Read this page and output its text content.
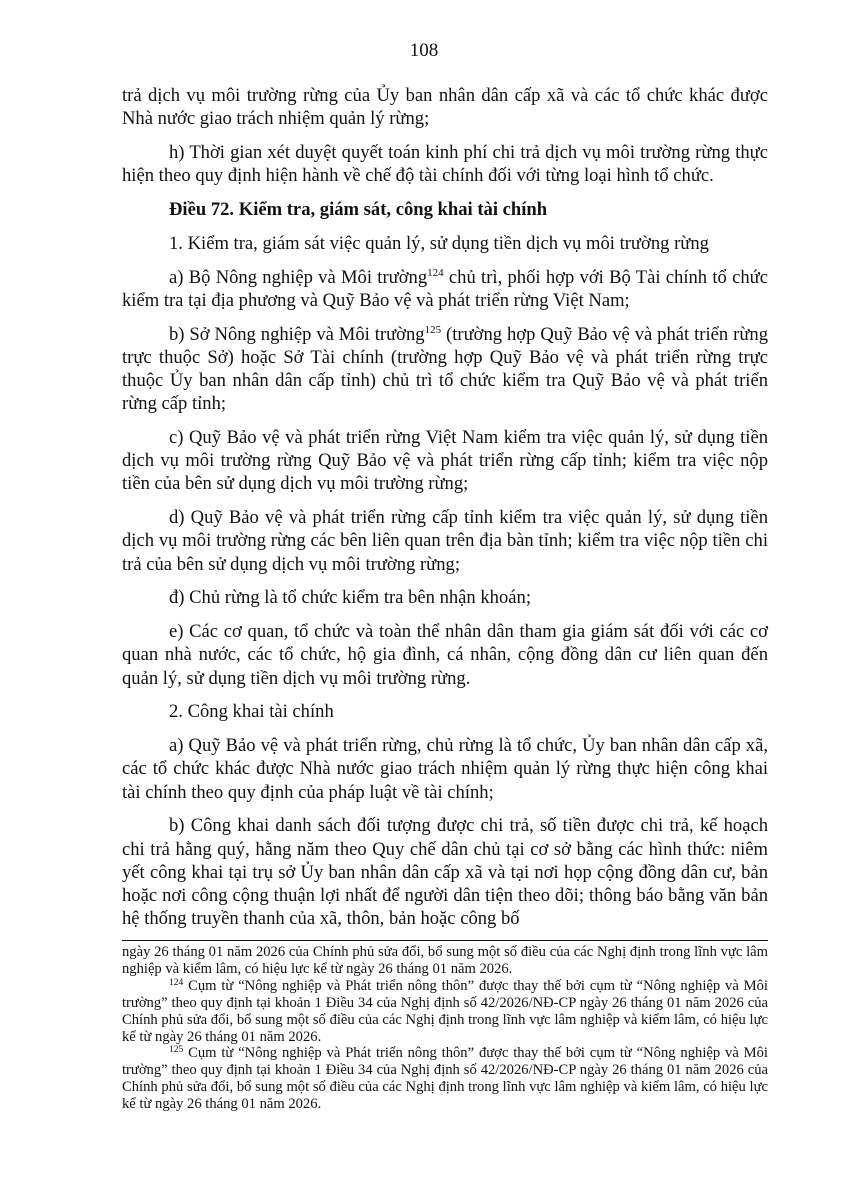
108

trả dịch vụ môi trường rừng của Ủy ban nhân dân cấp xã và các tổ chức khác được Nhà nước giao trách nhiệm quản lý rừng;

h) Thời gian xét duyệt quyết toán kinh phí chi trả dịch vụ môi trường rừng thực hiện theo quy định hiện hành về chế độ tài chính đối với từng loại hình tổ chức.

Điều 72. Kiểm tra, giám sát, công khai tài chính

1. Kiểm tra, giám sát việc quản lý, sử dụng tiền dịch vụ môi trường rừng

a) Bộ Nông nghiệp và Môi trường$^{124}$ chủ trì, phối hợp với Bộ Tài chính tổ chức kiểm tra tại địa phương và Quỹ Bảo vệ và phát triển rừng Việt Nam;

b) Sở Nông nghiệp và Môi trường$^{125}$ (trường hợp Quỹ Bảo vệ và phát triển rừng trực thuộc Sở) hoặc Sở Tài chính (trường hợp Quỹ Bảo vệ và phát triển rừng trực thuộc Ủy ban nhân dân cấp tỉnh) chủ trì tổ chức kiểm tra Quỹ Bảo vệ và phát triển rừng cấp tỉnh;

c) Quỹ Bảo vệ và phát triển rừng Việt Nam kiểm tra việc quản lý, sử dụng tiền dịch vụ môi trường rừng Quỹ Bảo vệ và phát triển rừng cấp tỉnh; kiểm tra việc nộp tiền của bên sử dụng dịch vụ môi trường rừng;

d) Quỹ Bảo vệ và phát triển rừng cấp tỉnh kiểm tra việc quản lý, sử dụng tiền dịch vụ môi trường rừng các bên liên quan trên địa bàn tỉnh; kiểm tra việc nộp tiền chi trả của bên sử dụng dịch vụ môi trường rừng;

đ) Chủ rừng là tổ chức kiểm tra bên nhận khoán;

e) Các cơ quan, tổ chức và toàn thể nhân dân tham gia giám sát đối với các cơ quan nhà nước, các tổ chức, hộ gia đình, cá nhân, cộng đồng dân cư liên quan đến quản lý, sử dụng tiền dịch vụ môi trường rừng.

2. Công khai tài chính

a) Quỹ Bảo vệ và phát triển rừng, chủ rừng là tổ chức, Ủy ban nhân dân cấp xã, các tổ chức khác được Nhà nước giao trách nhiệm quản lý rừng thực hiện công khai tài chính theo quy định của pháp luật về tài chính;

b) Công khai danh sách đối tượng được chi trả, số tiền được chi trả, kế hoạch chi trả hằng quý, hằng năm theo Quy chế dân chủ tại cơ sở bằng các hình thức: niêm yết công khai tại trụ sở Ủy ban nhân dân cấp xã và tại nơi họp cộng đồng dân cư, bản hoặc nơi công cộng thuận lợi nhất để người dân tiện theo dõi; thông báo bằng văn bản hệ thống truyền thanh của xã, thôn, bản hoặc công bố

ngày 26 tháng 01 năm 2026 của Chính phủ sửa đổi, bổ sung một số điều của các Nghị định trong lĩnh vực lâm nghiệp và kiểm lâm, có hiệu lực kể từ ngày 26 tháng 01 năm 2026.

$^{124}$ Cụm từ “Nông nghiệp và Phát triển nông thôn” được thay thế bởi cụm từ “Nông nghiệp và Môi trường” theo quy định tại khoản 1 Điều 34 của Nghị định số 42/2026/NĐ-CP ngày 26 tháng 01 năm 2026 của Chính phủ sửa đổi, bổ sung một số điều của các Nghị định trong lĩnh vực lâm nghiệp và kiểm lâm, có hiệu lực kể từ ngày 26 tháng 01 năm 2026.

$^{125}$ Cụm từ “Nông nghiệp và Phát triển nông thôn” được thay thế bởi cụm từ “Nông nghiệp và Môi trường” theo quy định tại khoản 1 Điều 34 của Nghị định số 42/2026/NĐ-CP ngày 26 tháng 01 năm 2026 của Chính phủ sửa đổi, bổ sung một số điều của các Nghị định trong lĩnh vực lâm nghiệp và kiểm lâm, có hiệu lực kể từ ngày 26 tháng 01 năm 2026.
